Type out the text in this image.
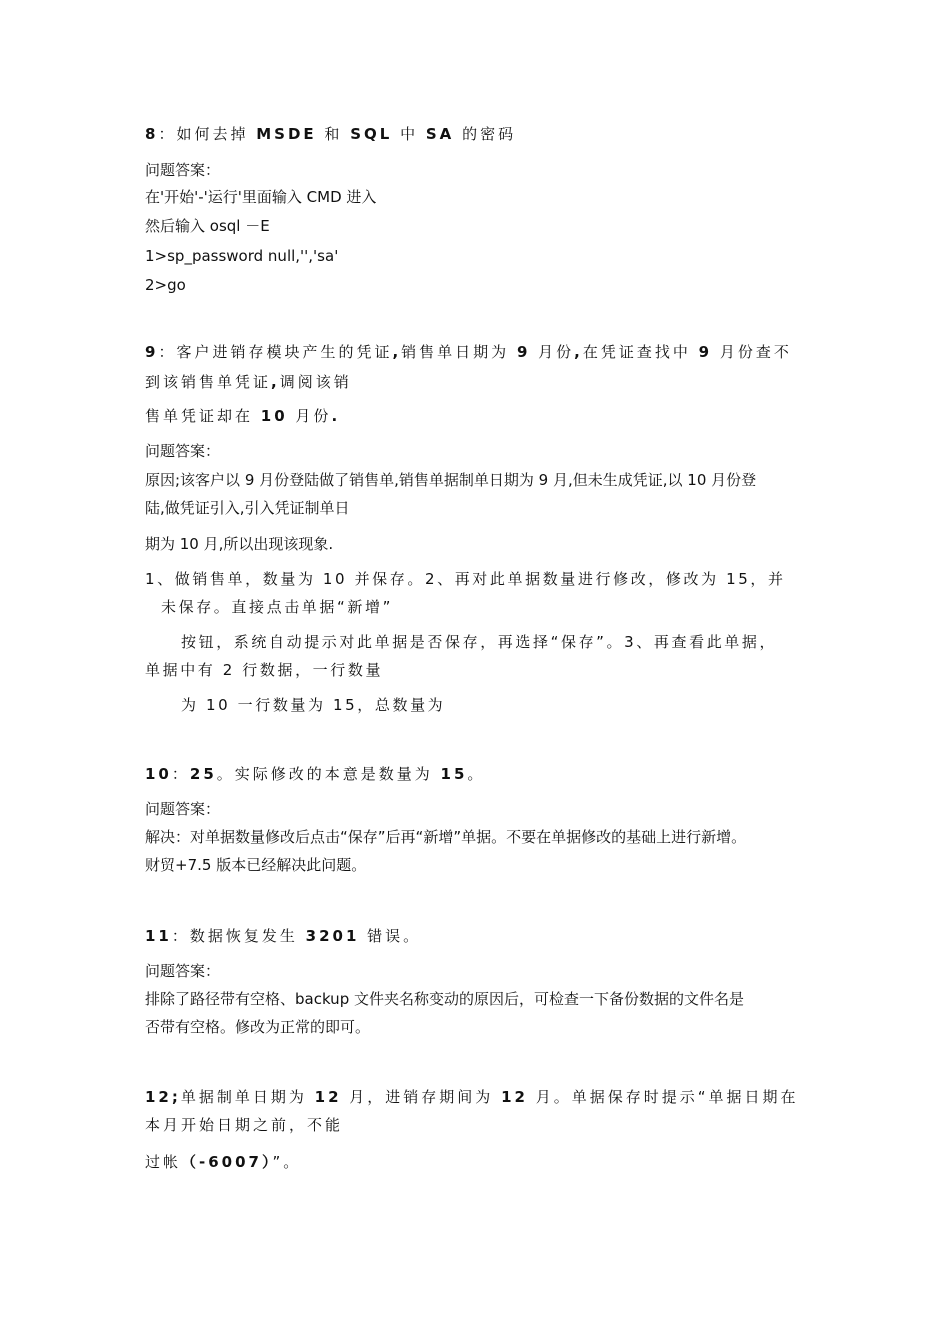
8：如何去掉 MSDE 和 SQL 中 SA 的密码
问题答案：
在'开始'-'运行'里面输入 CMD 进入
然后输入 osql －E
1>sp_password null,'','sa'
2>go
9：客户进销存模块产生的凭证,销售单日期为 9 月份,在凭证查找中 9 月份查不
到该销售单凭证,调阅该销
售单凭证却在 10 月份.
问题答案：
原因;该客户以 9 月份登陆做了销售单,销售单据制单日期为 9 月,但未生成凭证,以 10 月份登
陆,做凭证引入,引入凭证制单日
期为 10 月,所以出现该现象.
1、做销售单，数量为 10 并保存。2、再对此单据数量进行修改，修改为 15，并
未保存。直接点击单据“新增”
按钮，系统自动提示对此单据是否保存，再选择“保存”。3、再查看此单据，
单据中有 2 行数据，一行数量
为 10 一行数量为 15，总数量为
10：25。实际修改的本意是数量为 15。
问题答案：
解决：对单据数量修改后点击“保存”后再“新增”单据。不要在单据修改的基础上进行新增。
财贸+7.5 版本已经解决此问题。
11：数据恢复发生 3201 错误。
问题答案：
排除了路径带有空格、backup 文件夹名称变动的原因后，可检查一下备份数据的文件名是
否带有空格。修改为正常的即可。
12;单据制单日期为 12 月，进销存期间为 12 月。单据保存时提示“单据日期在
本月开始日期之前，不能
过帐（-6007）”。
